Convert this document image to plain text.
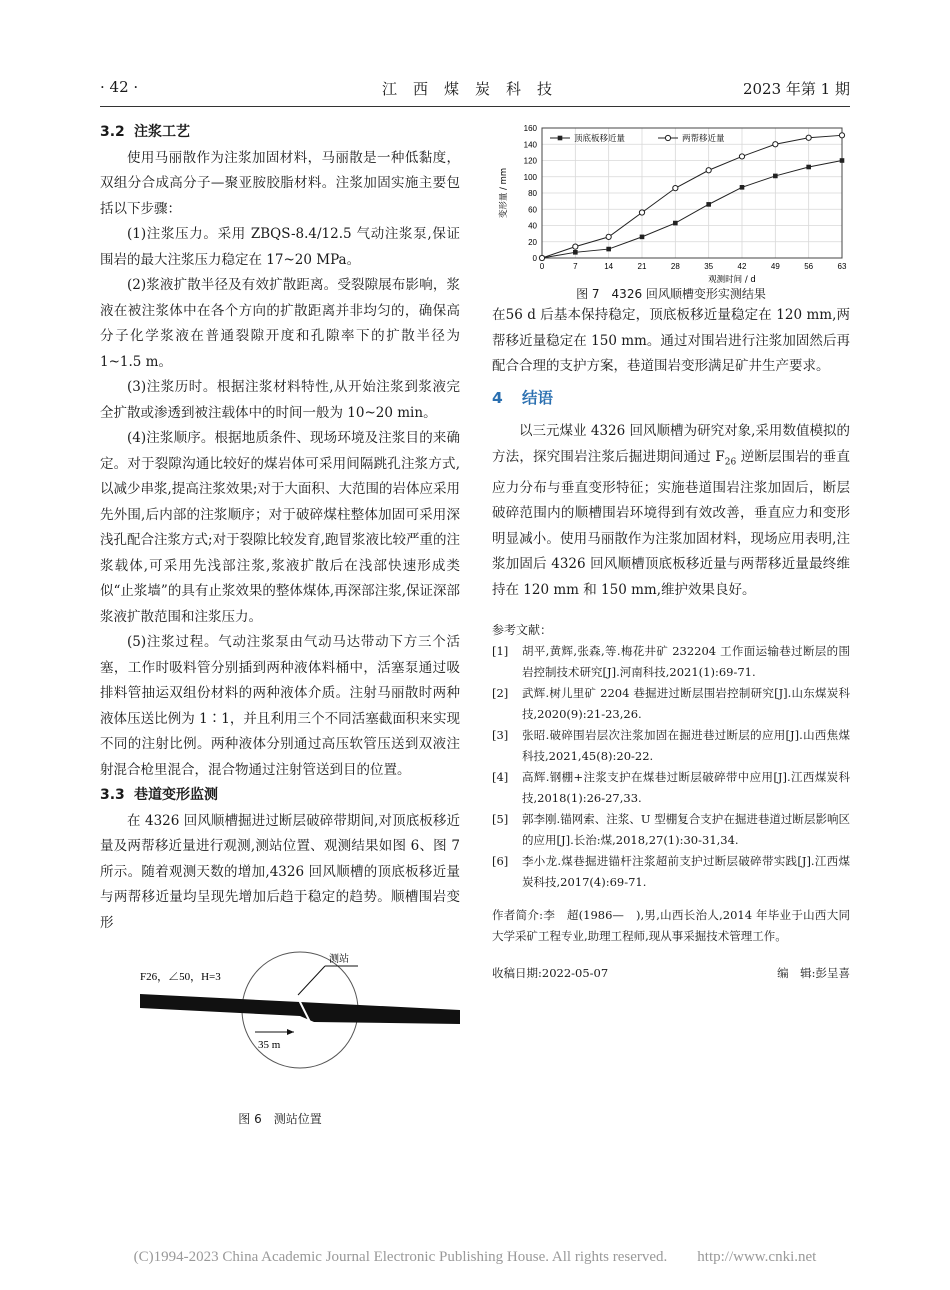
· 42 ·	江西煤炭科技	2023 年第 1 期
3.2 注浆工艺

使用马丽散作为注浆加固材料，马丽散是一种低黏度，双组分合成高分子—聚亚胺胶脂材料。注浆加固实施主要包括以下步骤：

(1)注浆压力。采用 ZBQS-8.4/12.5 气动注浆泵,保证围岩的最大注浆压力稳定在 17~20 MPa。

(2)浆液扩散半径及有效扩散距离。受裂隙展布影响，浆液在被注浆体中在各个方向的扩散距离并非均匀的，确保高分子化学浆液在普通裂隙开度和孔隙率下的扩散半径为 1~1.5 m。

(3)注浆历时。根据注浆材料特性,从开始注浆到浆液完全扩散或渗透到被注载体中的时间一般为 10~20 min。

(4)注浆顺序。根据地质条件、现场环境及注浆目的来确定。对于裂隙沟通比较好的煤岩体可采用间隔跳孔注浆方式,以减少串浆,提高注浆效果;对于大面积、大范围的岩体应采用先外围,后内部的注浆顺序；对于破碎煤柱整体加固可采用深浅孔配合注浆方式;对于裂隙比较发育,跑冒浆液比较严重的注浆载体,可采用先浅部注浆,浆液扩散后在浅部快速形成类似“止浆墙”的具有止浆效果的整体煤体,再深部注浆,保证深部浆液扩散范围和注浆压力。

(5)注浆过程。气动注浆泵由气动马达带动下方三个活塞，工作时吸料管分别插到两种液体料桶中，活塞泵通过吸排料管抽运双组份材料的两种液体介质。注射马丽散时两种液体压送比例为 1∶1，并且利用三个不同活塞截面积来实现不同的注射比例。两种液体分别通过高压软管压送到双液注射混合枪里混合，混合物通过注射管送到目的位置。

3.3 巷道变形监测

在 4326 回风顺槽掘进过断层破碎带期间,对顶底板移近量及两帮移近量进行观测,测站位置、观测结果如图 6、图 7 所示。随着观测天数的增加,4326 回风顺槽的顶底板移近量与两帮移近量均呈现先增加后趋于稳定的趋势。顺槽围岩变形

F26，∠50，H=3
测站
35 m
图 6　测站位置
0
20
40
60
80
100
120
140
160
0	7	14	21	28	35	42	49	56	63
观测时间 / d
变形量 / mm
顶底板移近量	两帮移近量
图 7　4326 回风顺槽变形实测结果

在56 d 后基本保持稳定，顶底板移近量稳定在 120 mm,两帮移近量稳定在 150 mm。通过对围岩进行注浆加固然后再配合合理的支护方案，巷道围岩变形满足矿井生产要求。

4 结语

以三元煤业 4326 回风顺槽为研究对象,采用数值模拟的方法，探究围岩注浆后掘进期间通过 $F_{26}$ 逆断层围岩的垂直应力分布与垂直变形特征；实施巷道围岩注浆加固后，断层破碎范围内的顺槽围岩环境得到有效改善，垂直应力和变形明显减小。使用马丽散作为注浆加固材料，现场应用表明,注浆加固后 4326 回风顺槽顶底板移近量与两帮移近量最终维持在 120 mm 和 150 mm,维护效果良好。

参考文献：
[1]	胡平,黄辉,张森,等.梅花井矿 232204 工作面运输巷过断层的围岩控制技术研究[J].河南科技,2021(1):69-71.
[2]	武辉.树儿里矿 2204 巷掘进过断层围岩控制研究[J].山东煤炭科技,2020(9):21-23,26.
[3]	张昭.破碎围岩层次注浆加固在掘进巷过断层的应用[J].山西焦煤科技,2021,45(8):20-22.
[4]	高辉.钢棚+注浆支护在煤巷过断层破碎带中应用[J].江西煤炭科技,2018(1):26-27,33.
[5]	郭李刚.锚网索、注浆、U 型棚复合支护在掘进巷道过断层影响区的应用[J].长治:煤,2018,27(1):30-31,34.
[6]	李小龙.煤巷掘进锚杆注浆超前支护过断层破碎带实践[J].江西煤炭科技,2017(4):69-71.
作者简介:李　超(1986—　),男,山西长治人,2014 年毕业于山西大同大学采矿工程专业,助理工程师,现从事采掘技术管理工作。
收稿日期:2022-05-07	编　辑:彭呈喜
(C)1994-2023 China Academic Journal Electronic Publishing House. All rights reserved.　　http://www.cnki.net
